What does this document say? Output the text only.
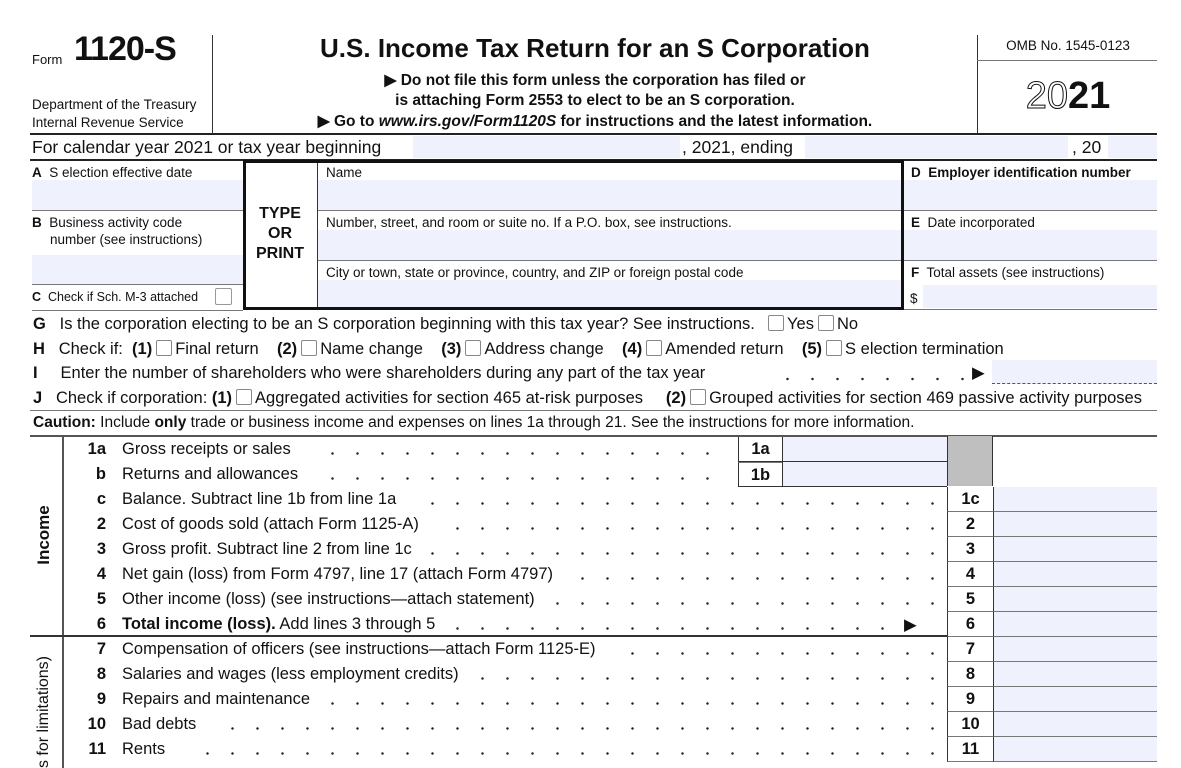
Form 1120-S
Department of the Treasury
Internal Revenue Service
U.S. Income Tax Return for an S Corporation
▶ Do not file this form unless the corporation has filed or
is attaching Form 2553 to elect to be an S corporation.
▶ Go to www.irs.gov/Form1120S for instructions and the latest information.
OMB No. 1545-0123
2021
For calendar year 2021 or tax year beginning	, 2021, ending	, 20
A S election effective date
B Business activity code
number (see instructions)
C Check if Sch. M-3 attached
TYPE
OR
PRINT
Name
Number, street, and room or suite no. If a P.O. box, see instructions.
City or town, state or province, country, and ZIP or foreign postal code
D Employer identification number
E Date incorporated
F Total assets (see instructions)
$
G Is the corporation electing to be an S corporation beginning with this tax year? See instructions. Yes No
H Check if: (1) Final return (2) Name change (3) Address change (4) Amended return (5) S election termination
I Enter the number of shareholders who were shareholders during any part of the tax year	▶
J Check if corporation: (1) Aggregated activities for section 465 at-risk purposes (2) Grouped activities for section 469 passive activity purposes
Caution: Include only trade or business income and expenses on lines 1a through 21. See the instructions for more information.
Income
s for limitations)
1a Gross receipts or sales	1a
b Returns and allowances	1b
c Balance. Subtract line 1b from line 1a	1c
2 Cost of goods sold (attach Form 1125-A)	2
3 Gross profit. Subtract line 2 from line 1c	3
4 Net gain (loss) from Form 4797, line 17 (attach Form 4797)	4
5 Other income (loss) (see instructions—attach statement)	5
6 Total income (loss). Add lines 3 through 5	▶	6
7 Compensation of officers (see instructions—attach Form 1125-E)	7
8 Salaries and wages (less employment credits)	8
9 Repairs and maintenance	9
10 Bad debts	10
11 Rents	11
